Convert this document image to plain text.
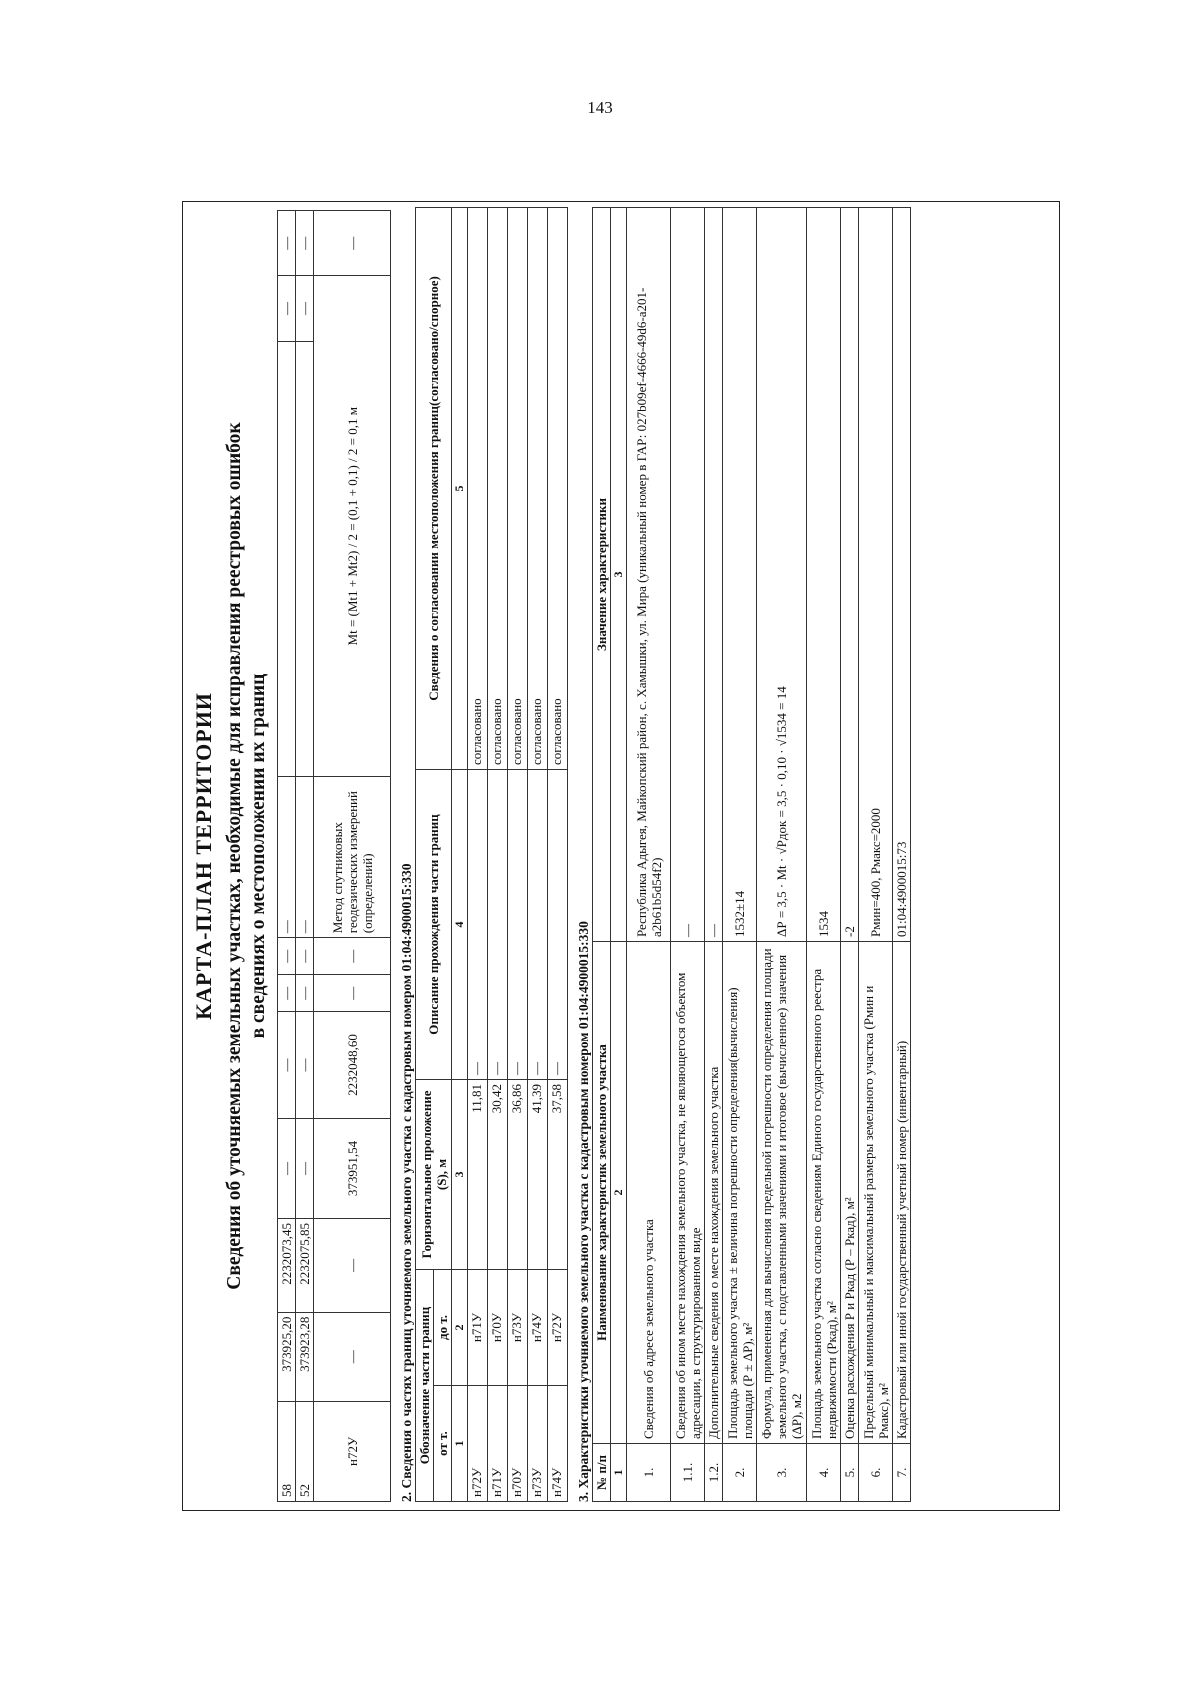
143
КАРТА-ПЛАН ТЕРРИТОРИИ Сведения об уточняемых земельных участках, необходимые для исправления реестровых ошибок в сведениях о местоположении их границ
58	373925,20	2232073,45	—	—	—	—	—		—	—
52	373923,28	2232075,85	—	—	—	—	—		—	—
н72У	—	—	373951,54	2232048,60	—	—	Метод спутниковых геодезических измерений (определений)	Mt = (Mt1 + Mt2) / 2 = (0,1 + 0,1) / 2 = 0,1 м		—
2. Сведения о частях границ уточняемого земельного участка с кадастровым номером 01:04:4900015:330 Обозначение части границ		Горизонтальное проложение (S), м	Описание прохождения части границ	Сведения о согласовании местоположения границ(согласовано/спорное)
от т.	до т.			
1	2	3	4	5
н72У	н71У	11,81	—	согласовано
н71У	н70У	30,42	—	согласовано
н70У	н73У	36,86	—	согласовано
н73У	н74У	41,39	—	согласовано
н74У	н72У	37,58	—	согласовано
3. Характеристики уточняемого земельного участка с кадастровым номером 01:04:4900015:330 № п/п	Наименование характеристик земельного участка	Значение характеристики
1	2	3
1.	Сведения об адресе земельного участка	Республика Адыгея, Майкопский район, с. Хамышки, ул. Мира (уникальный номер в ГАР: 027b09ef-4666-49d6-a201-a2b61b5d54f2)
1.1.	Сведения об ином месте нахождения земельного участка, не являющегося объектом адресации, в структурированном виде	—
1.2.	Дополнительные сведения о месте нахождения земельного участка	—
2.	Площадь земельного участка ± величина погрешности определения(вычисления) площади (Р ± ΔР), м²	1532±14
3.	Формула, примененная для вычисления предельной погрешности определения площади земельного участка, с подставленными значениями и итоговое (вычисленное) значения (ΔР), м2	ΔР = 3,5 · Mt · √Pдок = 3,5 · 0,10 · √1534 = 14
4.	Площадь земельного участка согласно сведениям Единого государственного реестра недвижимости (Ркад), м²	1534
5.	Оценка расхождения Р и Ркад (Р – Ркад), м²	-2
6.	Предельный минимальный и максимальный размеры земельного участка (Рмин и Рмакс), м²	Рмин=400, Рмакс=2000
7.	Кадастровый или иной государственный учетный номер (инвентарный)	01:04:4900015:73
